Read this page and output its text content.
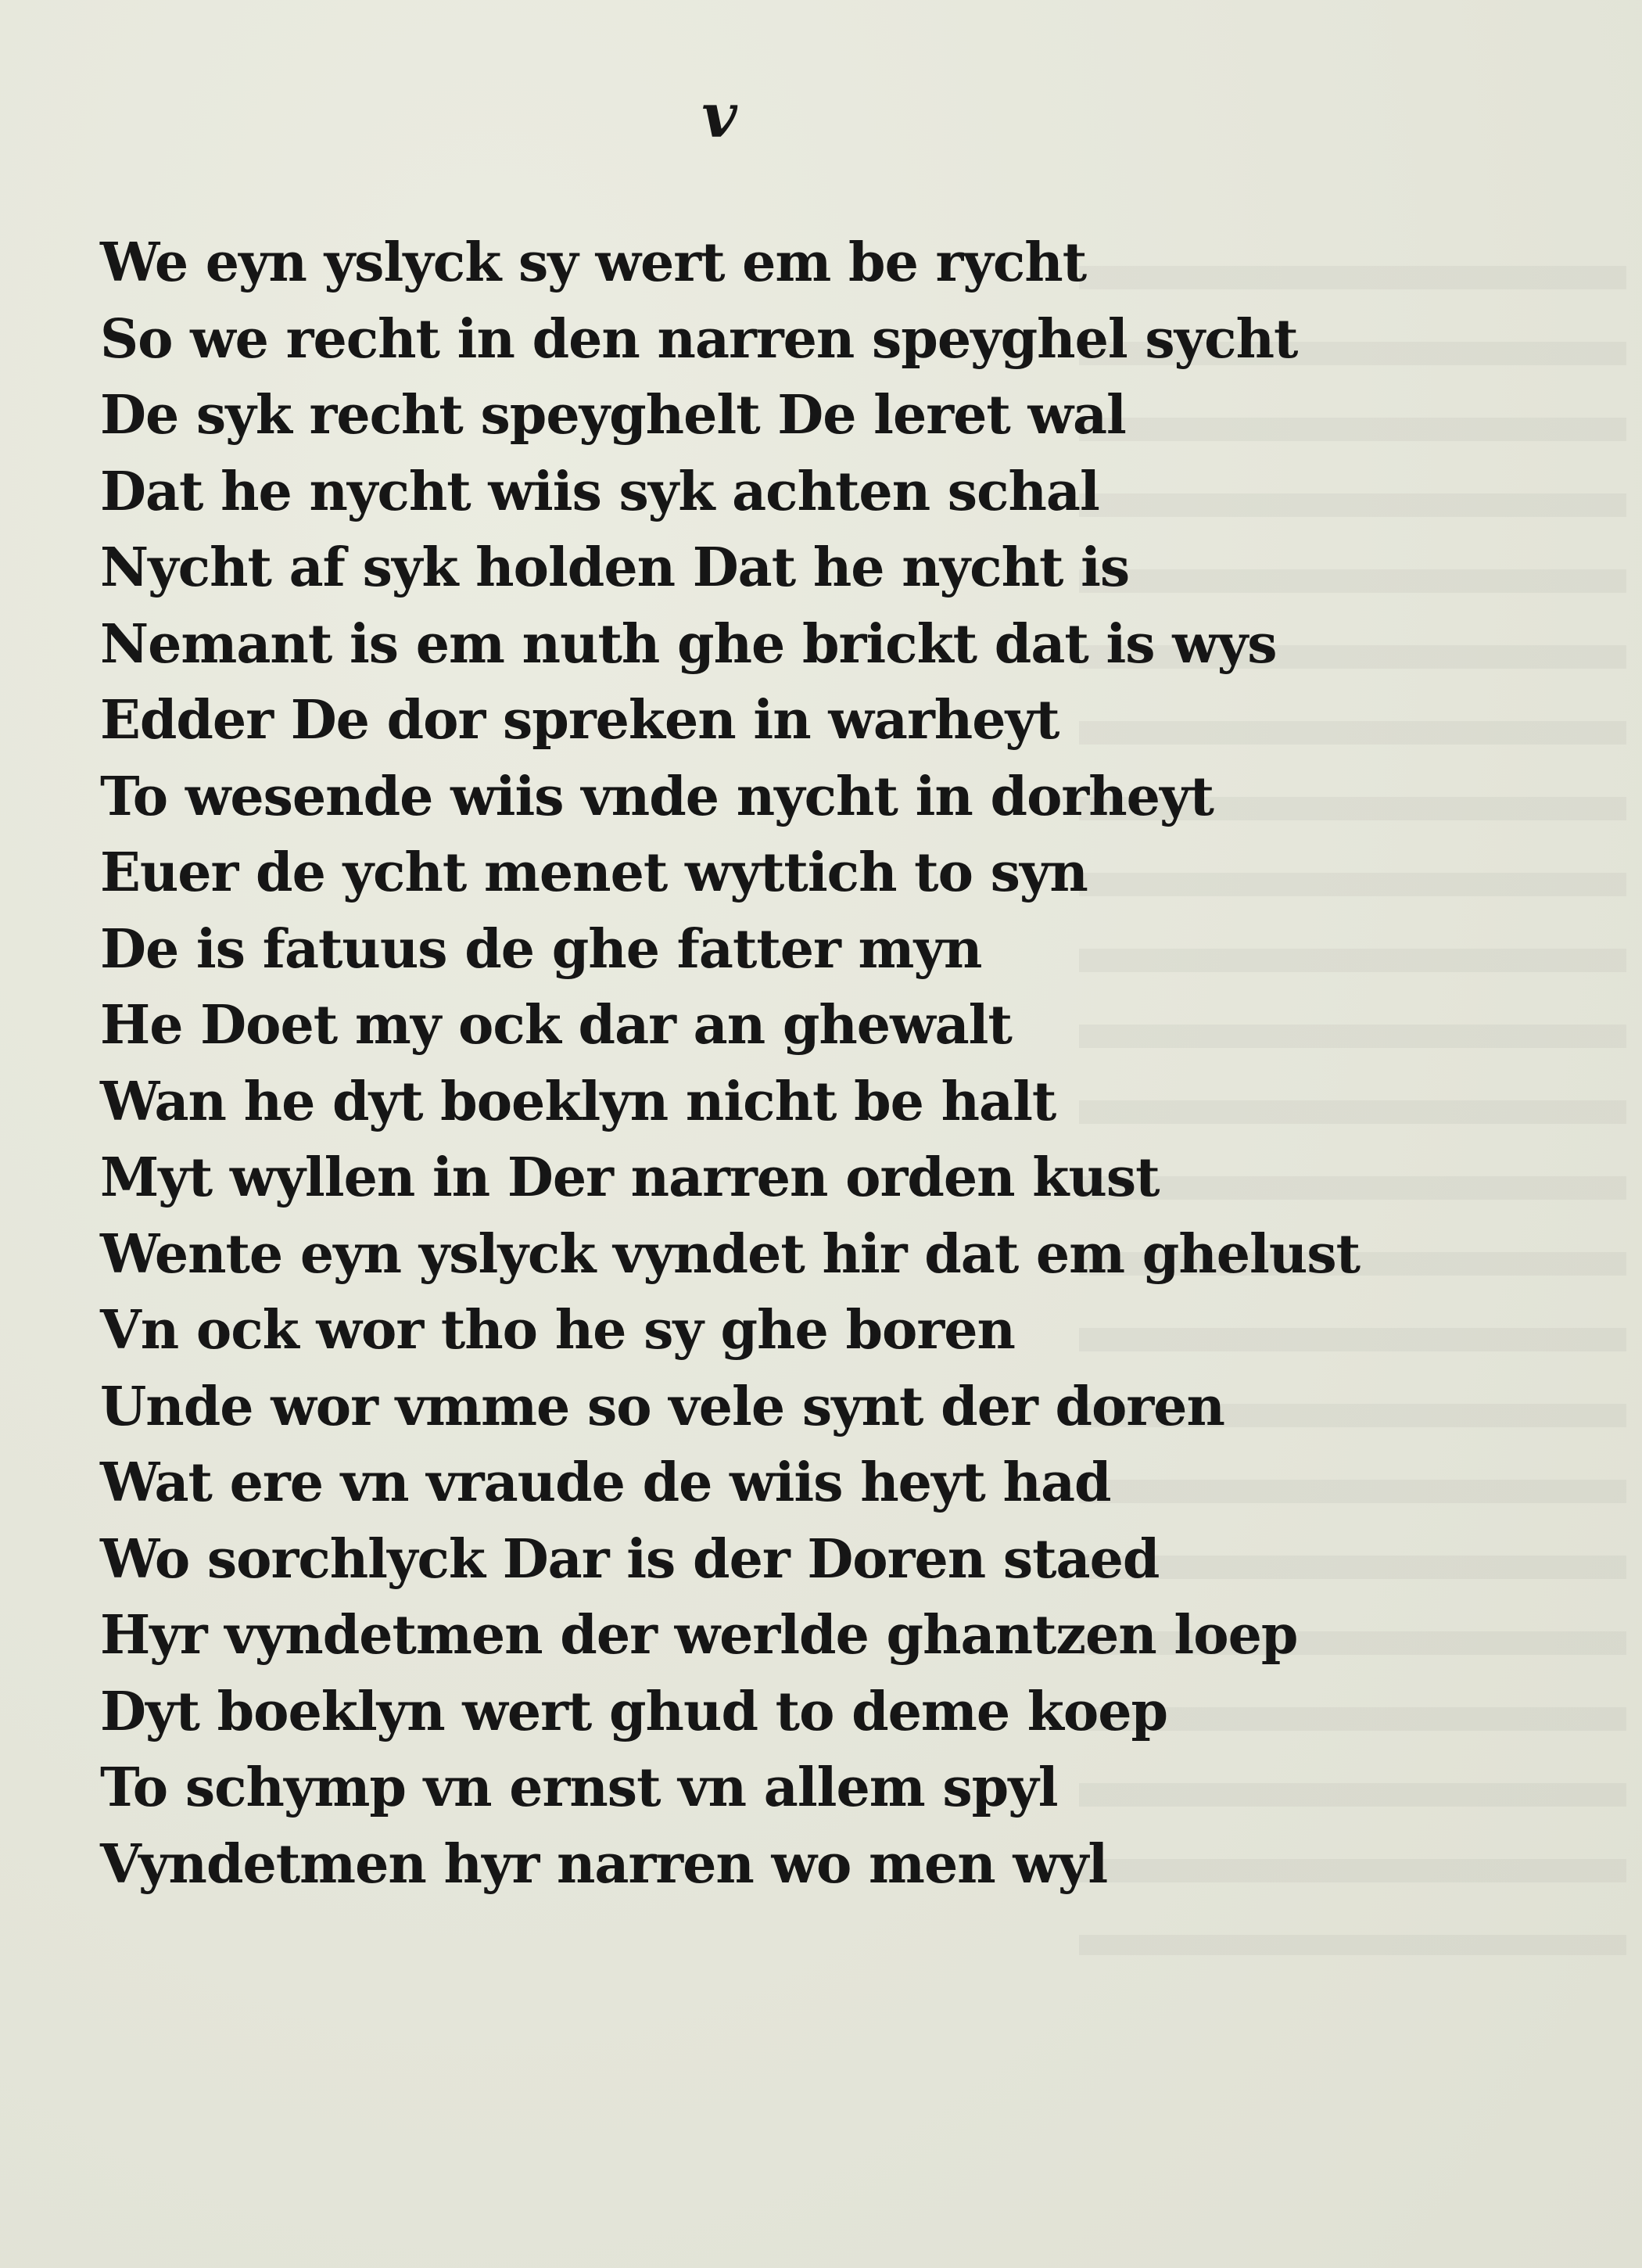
v
We eyn yslyck sy wert em be rycht
So we recht in den narren speyghel sycht
De syk recht speyghelt De leret wal
Dat he nycht wiis syk achten schal
Nycht af syk holden Dat he nycht is
Nemant is em nuth ghe brickt dat is wys
Edder De dor spreken in warheyt
To wesende wiis vnde nycht in dorheyt
Euer de ycht menet wyttich to syn
De is fatuus de ghe fatter myn
He Doet my ock dar an ghewalt
Wan he dyt boeklyn nicht be halt
Myt wyllen in Der narren orden kust
Wente eyn yslyck vyndet hir dat em ghelust
Vn ock wor tho he sy ghe boren
Unde wor vmme so vele synt der doren
Wat ere vn vraude de wiis heyt had
Wo sorchlyck Dar is der Doren staed
Hyr vyndetmen der werlde ghantzen loep
Dyt boeklyn wert ghud to deme koep
To schymp vn ernst vn allem spyl
Vyndetmen hyr narren wo men wyl
